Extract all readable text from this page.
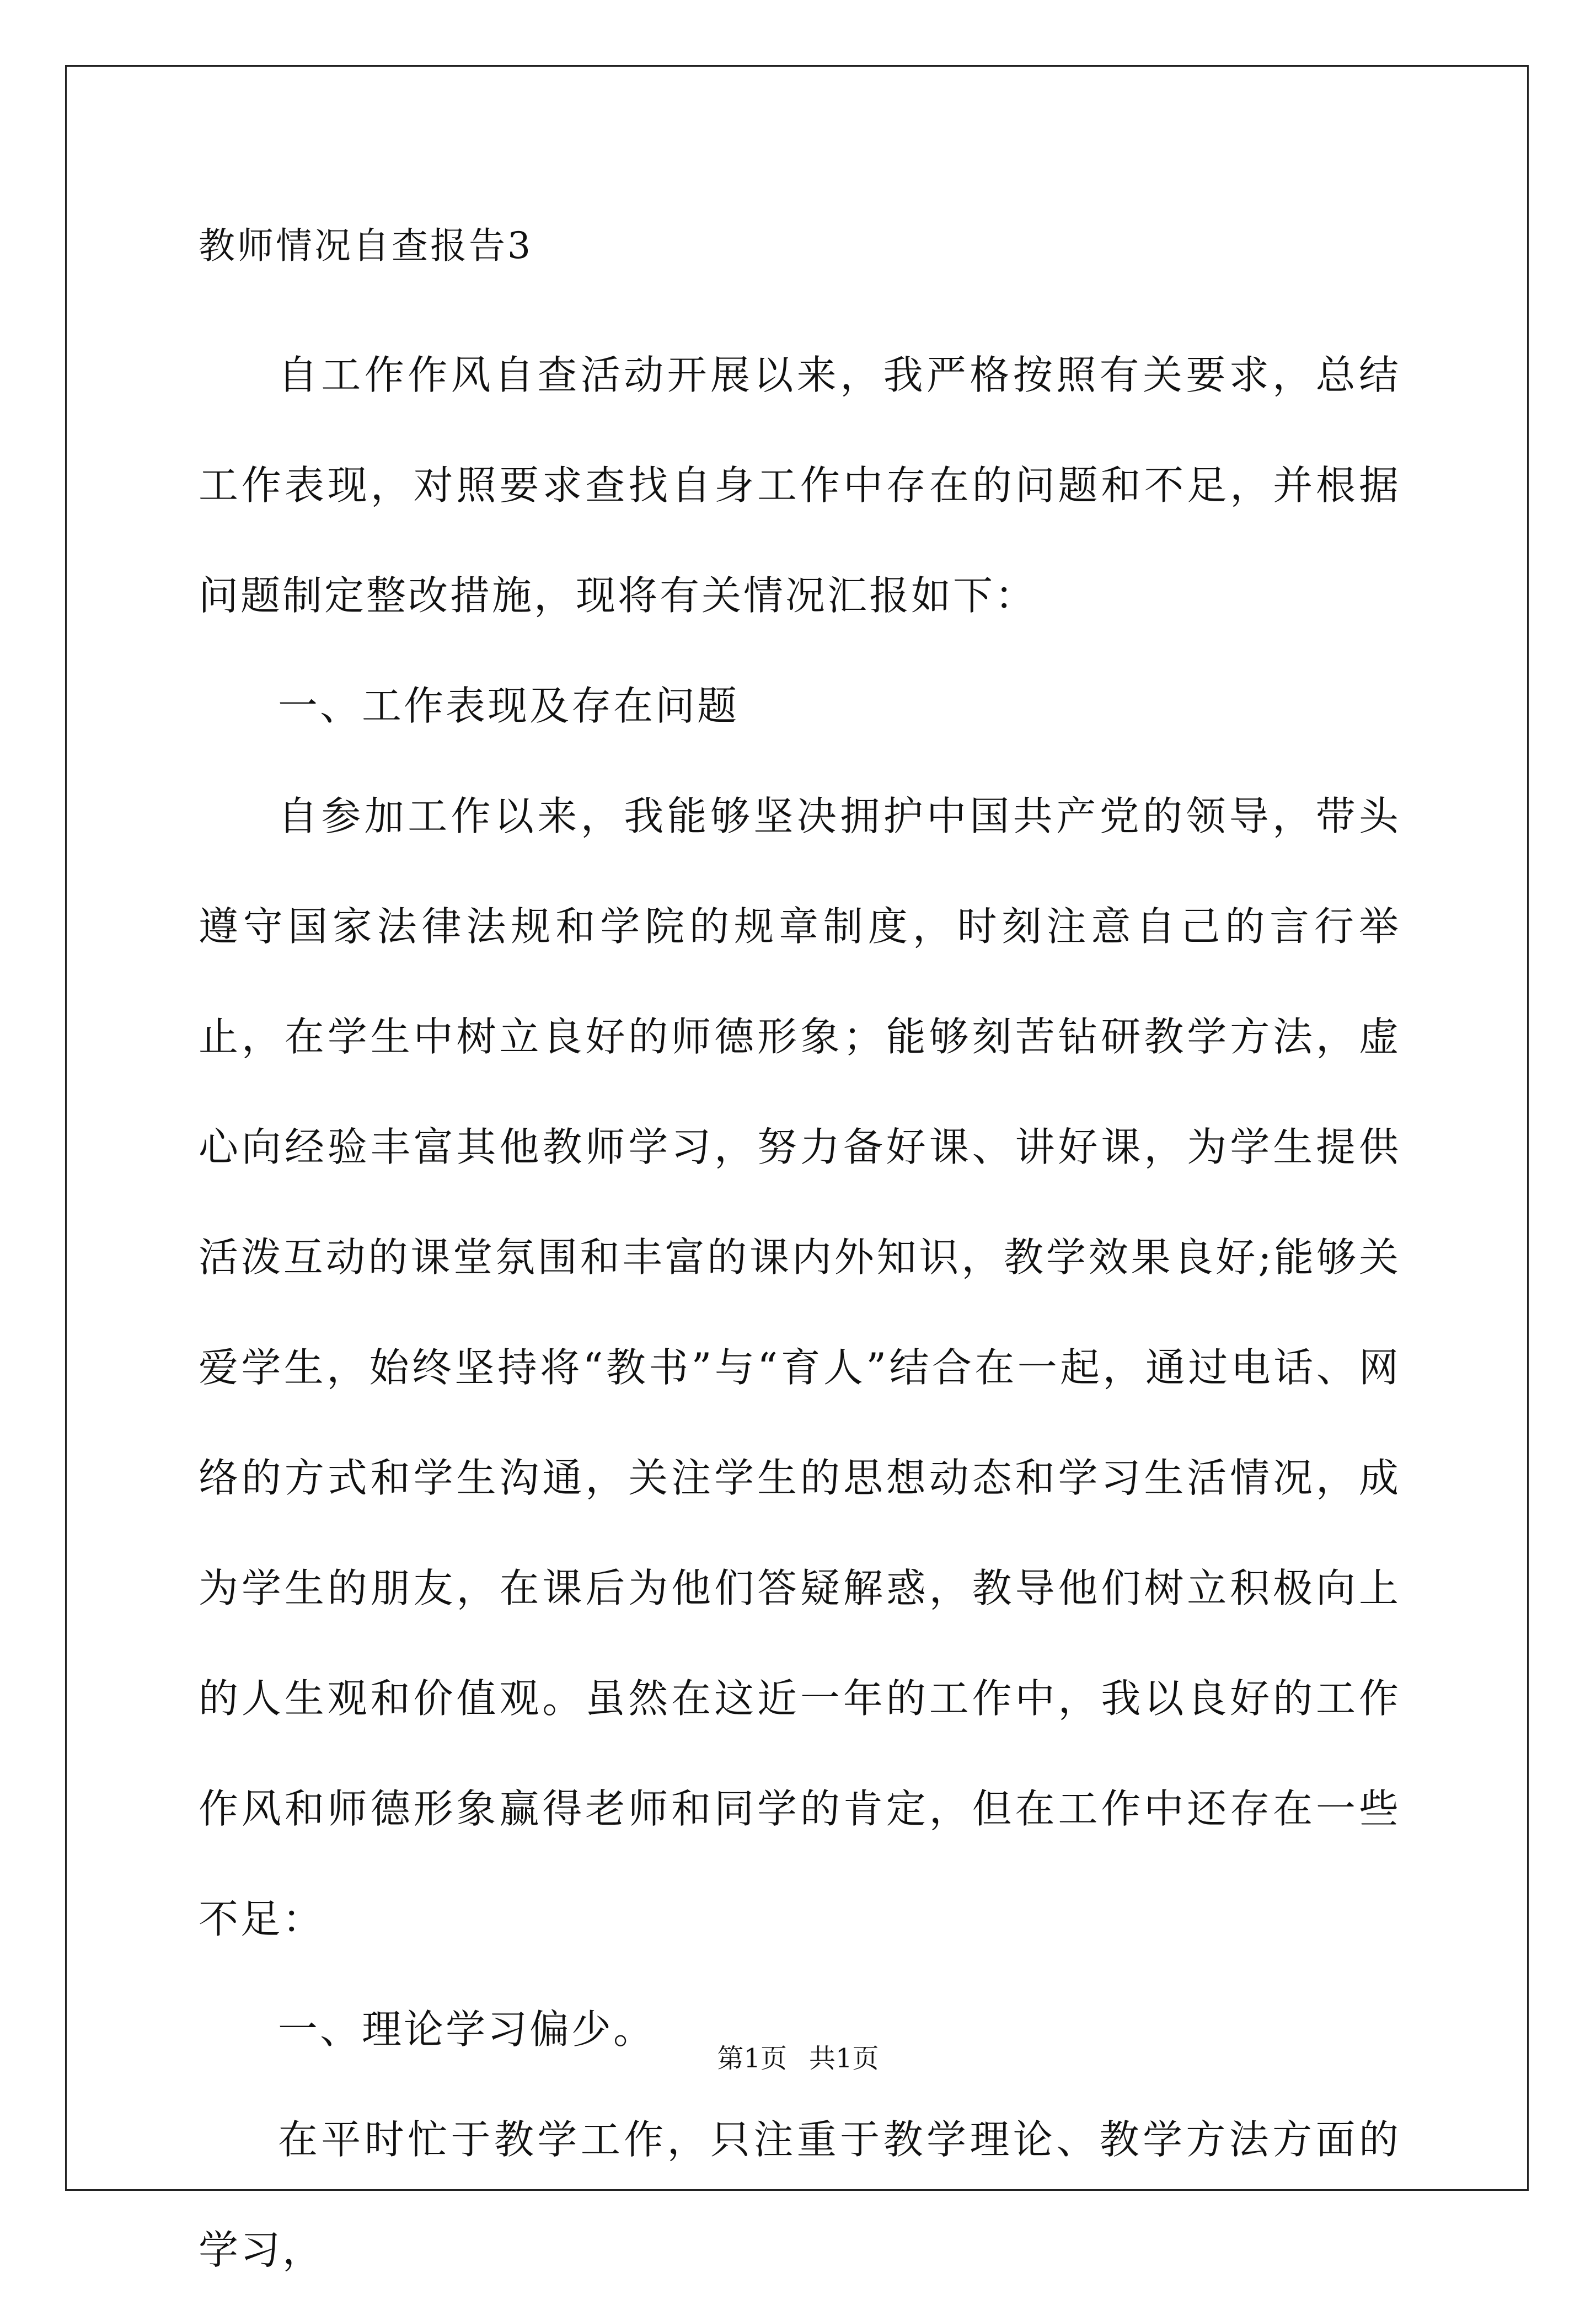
教师情况自查报告3

自工作作风自查活动开展以来，我严格按照有关要求，总结工作表现，对照要求查找自身工作中存在的问题和不足，并根据问题制定整改措施，现将有关情况汇报如下：

一、工作表现及存在问题

自参加工作以来，我能够坚决拥护中国共产党的领导，带头遵守国家法律法规和学院的规章制度，时刻注意自己的言行举止，在学生中树立良好的师德形象；能够刻苦钻研教学方法，虚心向经验丰富其他教师学习，努力备好课、讲好课，为学生提供活泼互动的课堂氛围和丰富的课内外知识，教学效果良好;能够关爱学生，始终坚持将“教书”与“育人”结合在一起，通过电话、网络的方式和学生沟通，关注学生的思想动态和学习生活情况，成为学生的朋友，在课后为他们答疑解惑，教导他们树立积极向上的人生观和价值观。虽然在这近一年的工作中，我以良好的工作作风和师德形象赢得老师和同学的肯定，但在工作中还存在一些不足：

一、理论学习偏少。

在平时忙于教学工作，只注重于教学理论、教学方法方面的学习，

第1页 共1页
